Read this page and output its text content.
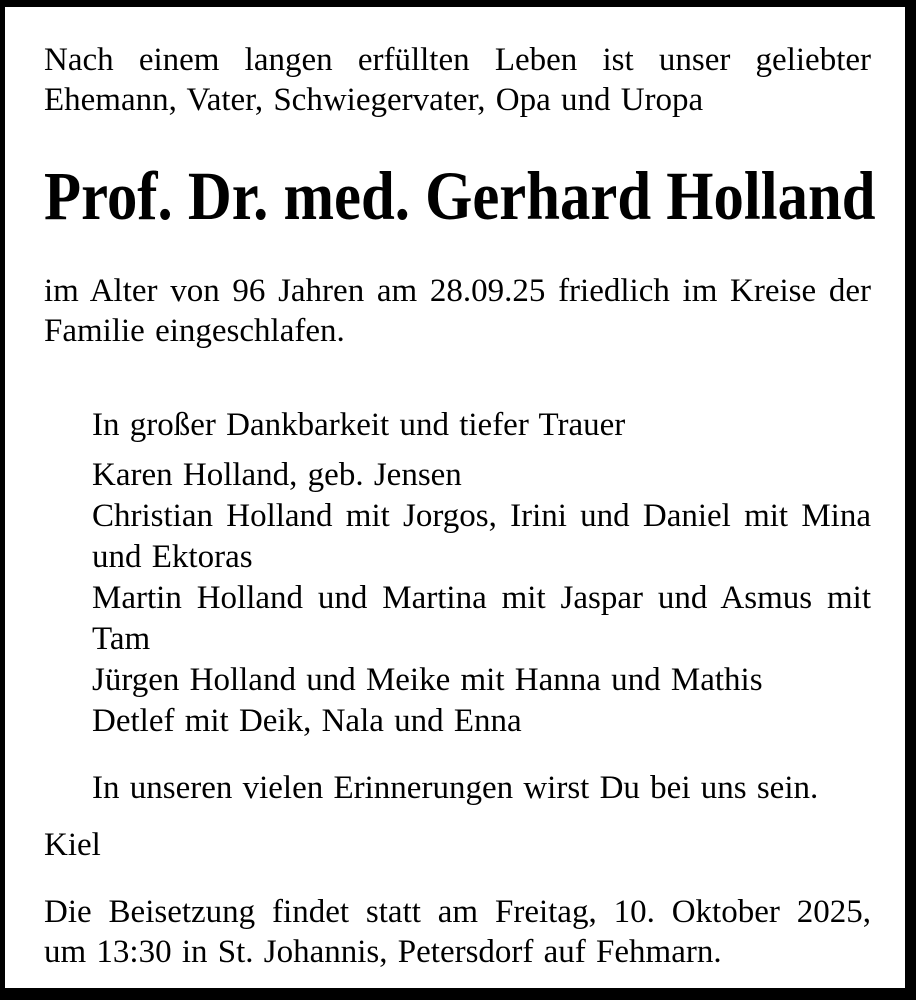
Nach einem langen erfüllten Leben ist unser geliebter
Ehemann, Vater, Schwiegervater, Opa und Uropa
Prof. Dr. med. Gerhard Holland
im Alter von 96 Jahren am 28.09.25 friedlich im Kreise der
Familie eingeschlafen.
In großer Dankbarkeit und tiefer Trauer
Karen Holland, geb. Jensen
Christian Holland mit Jorgos, Irini und Daniel mit Mina
und Ektoras
Martin Holland und Martina mit Jaspar und Asmus mit
Tam
Jürgen Holland und Meike mit Hanna und Mathis
Detlef mit Deik, Nala und Enna
In unseren vielen Erinnerungen wirst Du bei uns sein.
Kiel
Die Beisetzung findet statt am Freitag, 10. Oktober 2025,
um 13:30 in St. Johannis, Petersdorf auf Fehmarn.
